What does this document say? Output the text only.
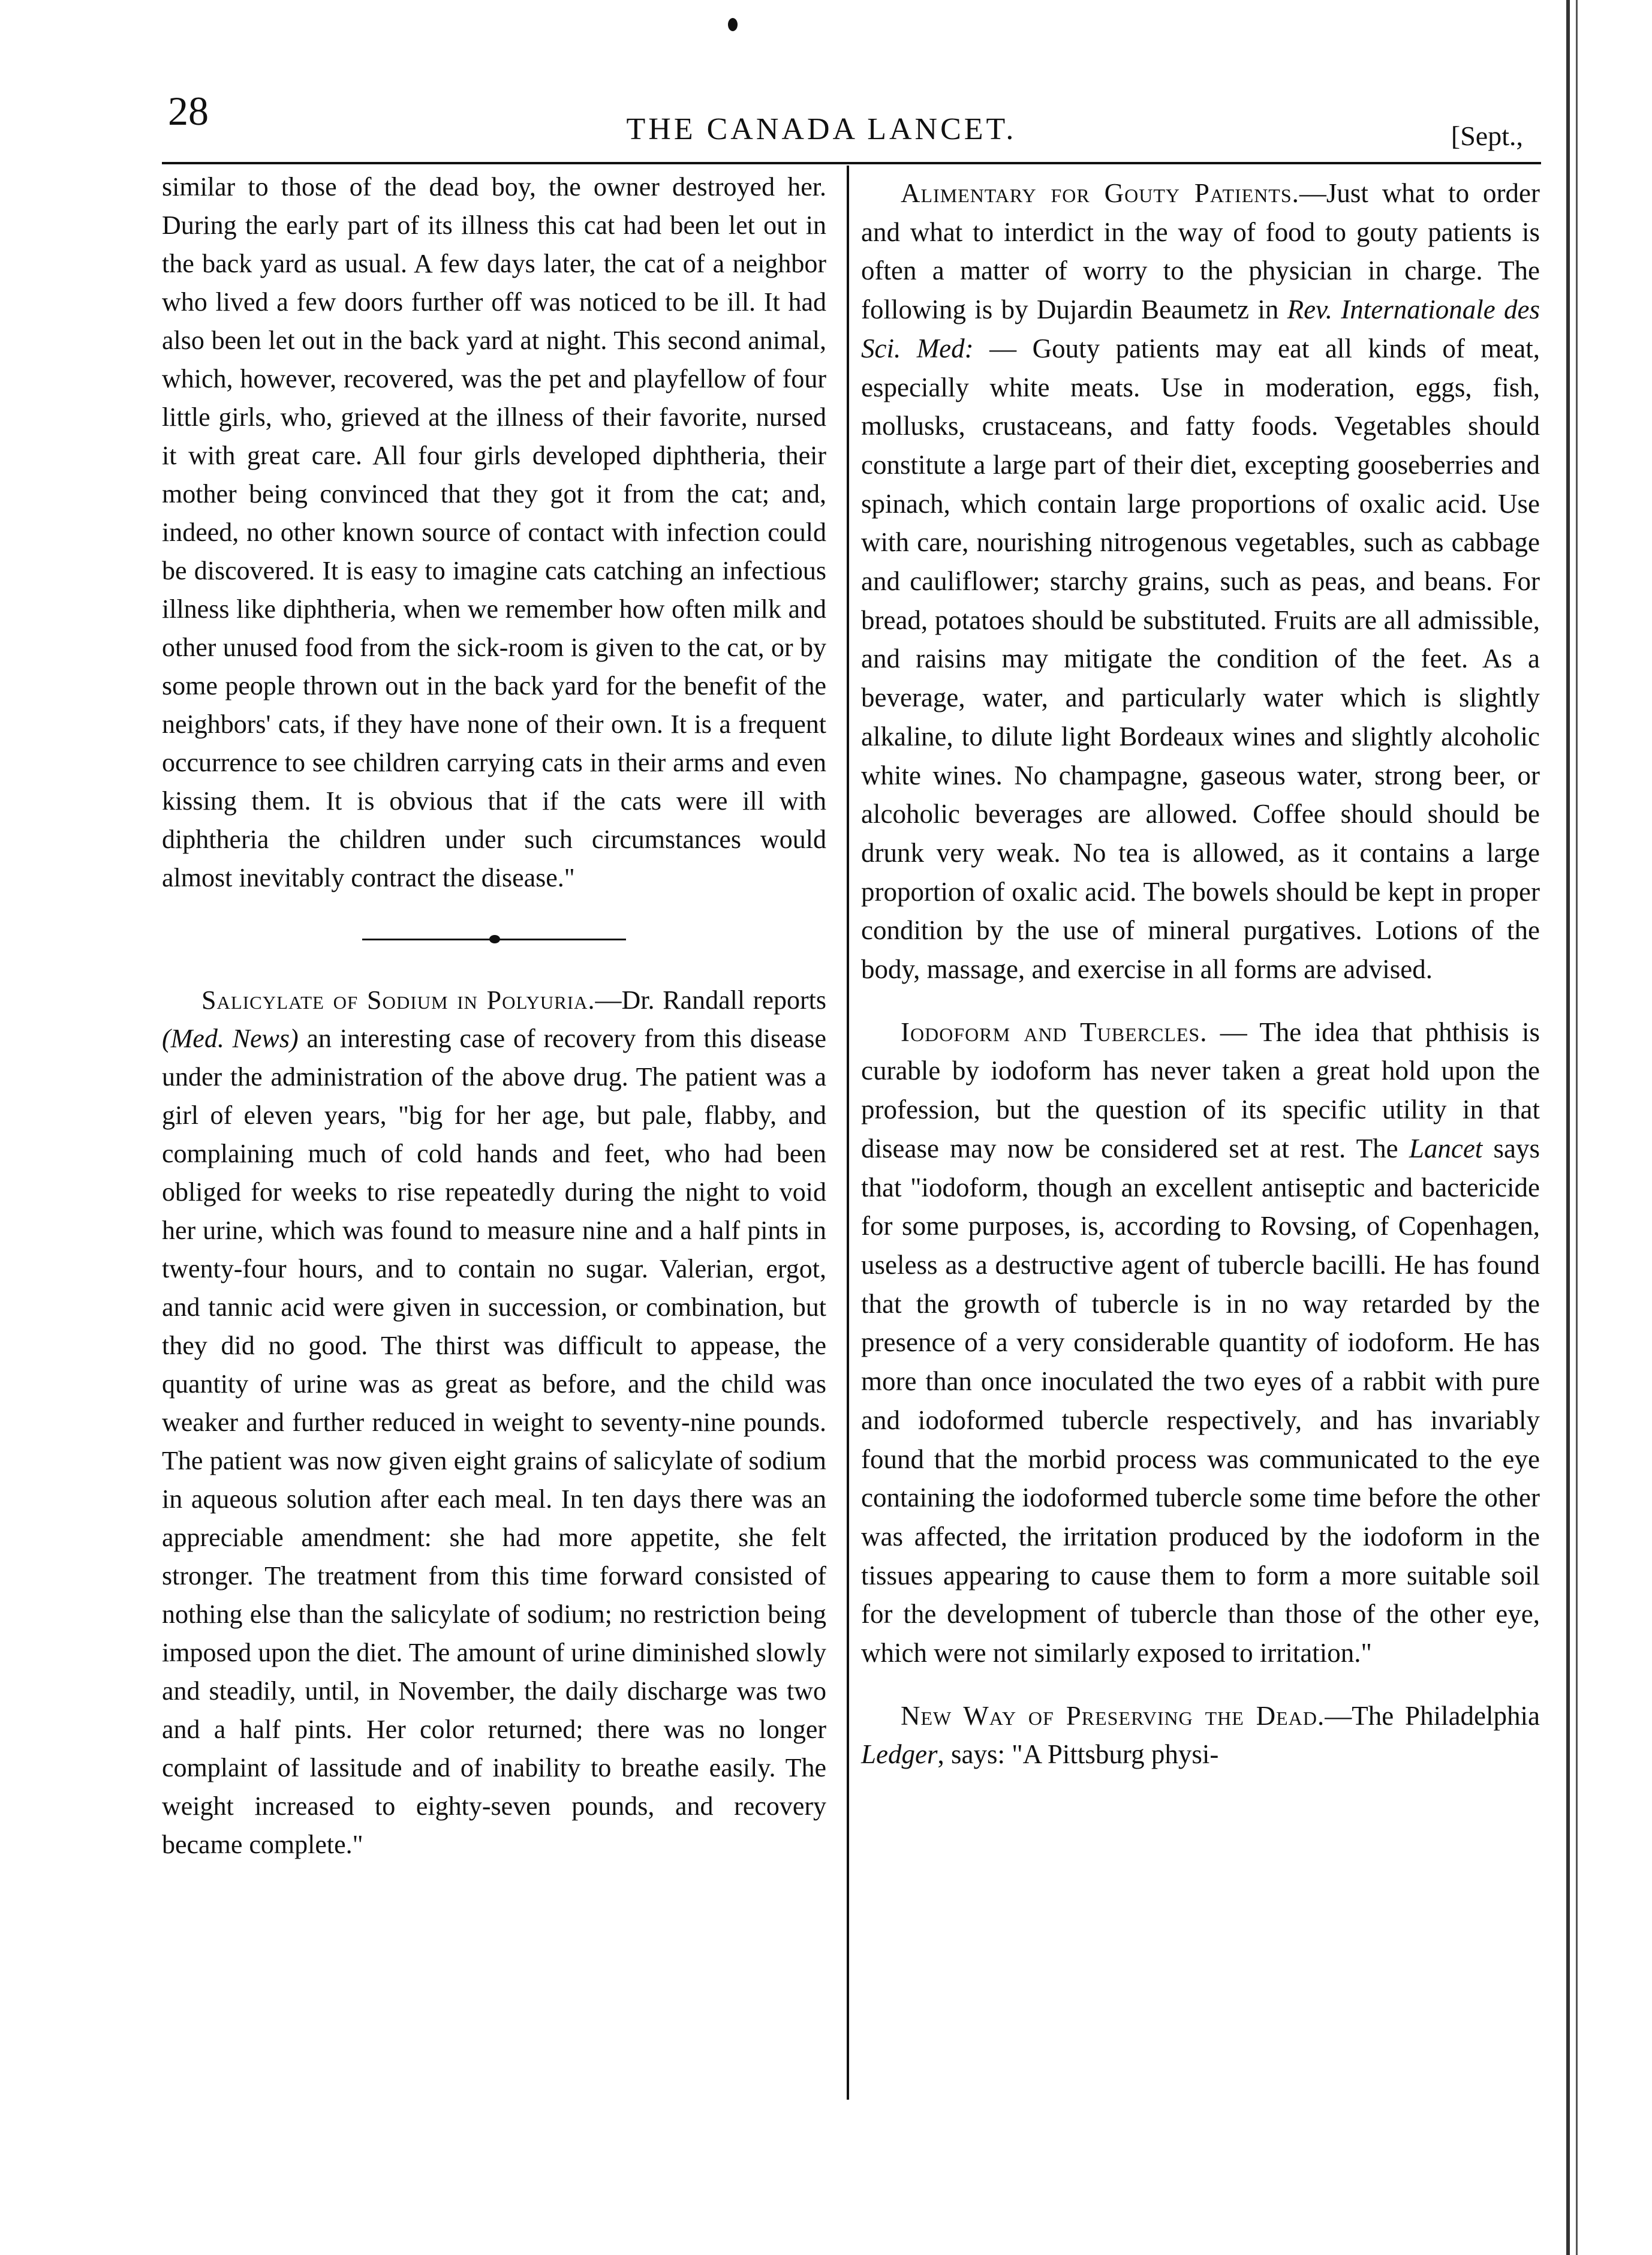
28	THE CANADA LANCET.	[Sept.,

similar to those of the dead boy, the owner destroyed her. During the early part of its illness this cat had been let out in the back yard as usual. A few days later, the cat of a neighbor who lived a few doors further off was noticed to be ill. It had also been let out in the back yard at night. This second animal, which, however, recovered, was the pet and playfellow of four little girls, who, grieved at the illness of their favorite, nursed it with great care. All four girls developed diphtheria, their mother being convinced that they got it from the cat; and, indeed, no other known source of contact with infection could be discovered. It is easy to imagine cats catching an infectious illness like diphtheria, when we remember how often milk and other unused food from the sick-room is given to the cat, or by some people thrown out in the back yard for the benefit of the neighbors' cats, if they have none of their own. It is a frequent occurrence to see children carrying cats in their arms and even kissing them. It is obvious that if the cats were ill with diphtheria the children under such circumstances would almost inevitably contract the disease."

Salicylate of Sodium in Polyuria.—Dr. Randall reports (Med. News) an interesting case of recovery from this disease under the administration of the above drug. The patient was a girl of eleven years, "big for her age, but pale, flabby, and complaining much of cold hands and feet, who had been obliged for weeks to rise repeatedly during the night to void her urine, which was found to measure nine and a half pints in twenty-four hours, and to contain no sugar. Valerian, ergot, and tannic acid were given in succession, or combination, but they did no good. The thirst was difficult to appease, the quantity of urine was as great as before, and the child was weaker and further reduced in weight to seventy-nine pounds. The patient was now given eight grains of salicylate of sodium in aqueous solution after each meal. In ten days there was an appreciable amendment: she had more appetite, she felt stronger. The treatment from this time forward consisted of nothing else than the salicylate of sodium; no restriction being imposed upon the diet. The amount of urine diminished slowly and steadily, until, in November, the daily discharge was two and a half pints. Her color returned; there was no longer complaint of lassitude and of inability to breathe easily. The weight increased to eighty-seven pounds, and recovery became complete."

Alimentary for Gouty Patients.—Just what to order and what to interdict in the way of food to gouty patients is often a matter of worry to the physician in charge. The following is by Dujardin Beaumetz in Rev. Internationale des Sci. Med: — Gouty patients may eat all kinds of meat, especially white meats. Use in moderation, eggs, fish, mollusks, crustaceans, and fatty foods. Vegetables should constitute a large part of their diet, excepting gooseberries and spinach, which contain large proportions of oxalic acid. Use with care, nourishing nitrogenous vegetables, such as cabbage and cauliflower; starchy grains, such as peas, and beans. For bread, potatoes should be substituted. Fruits are all admissible, and raisins may mitigate the condition of the feet. As a beverage, water, and particularly water which is slightly alkaline, to dilute light Bordeaux wines and slightly alcoholic white wines. No champagne, gaseous water, strong beer, or alcoholic beverages are allowed. Coffee should should be drunk very weak. No tea is allowed, as it contains a large proportion of oxalic acid. The bowels should be kept in proper condition by the use of mineral purgatives. Lotions of the body, massage, and exercise in all forms are advised.

Iodoform and Tubercles. — The idea that phthisis is curable by iodoform has never taken a great hold upon the profession, but the question of its specific utility in that disease may now be considered set at rest. The Lancet says that "iodoform, though an excellent antiseptic and bactericide for some purposes, is, according to Rovsing, of Copenhagen, useless as a destructive agent of tubercle bacilli. He has found that the growth of tubercle is in no way retarded by the presence of a very considerable quantity of iodoform. He has more than once inoculated the two eyes of a rabbit with pure and iodoformed tubercle respectively, and has invariably found that the morbid process was communicated to the eye containing the iodoformed tubercle some time before the other was affected, the irritation produced by the iodoform in the tissues appearing to cause them to form a more suitable soil for the development of tubercle than those of the other eye, which were not similarly exposed to irritation."

New Way of Preserving the Dead.—The Philadelphia Ledger, says: "A Pittsburg physi-
